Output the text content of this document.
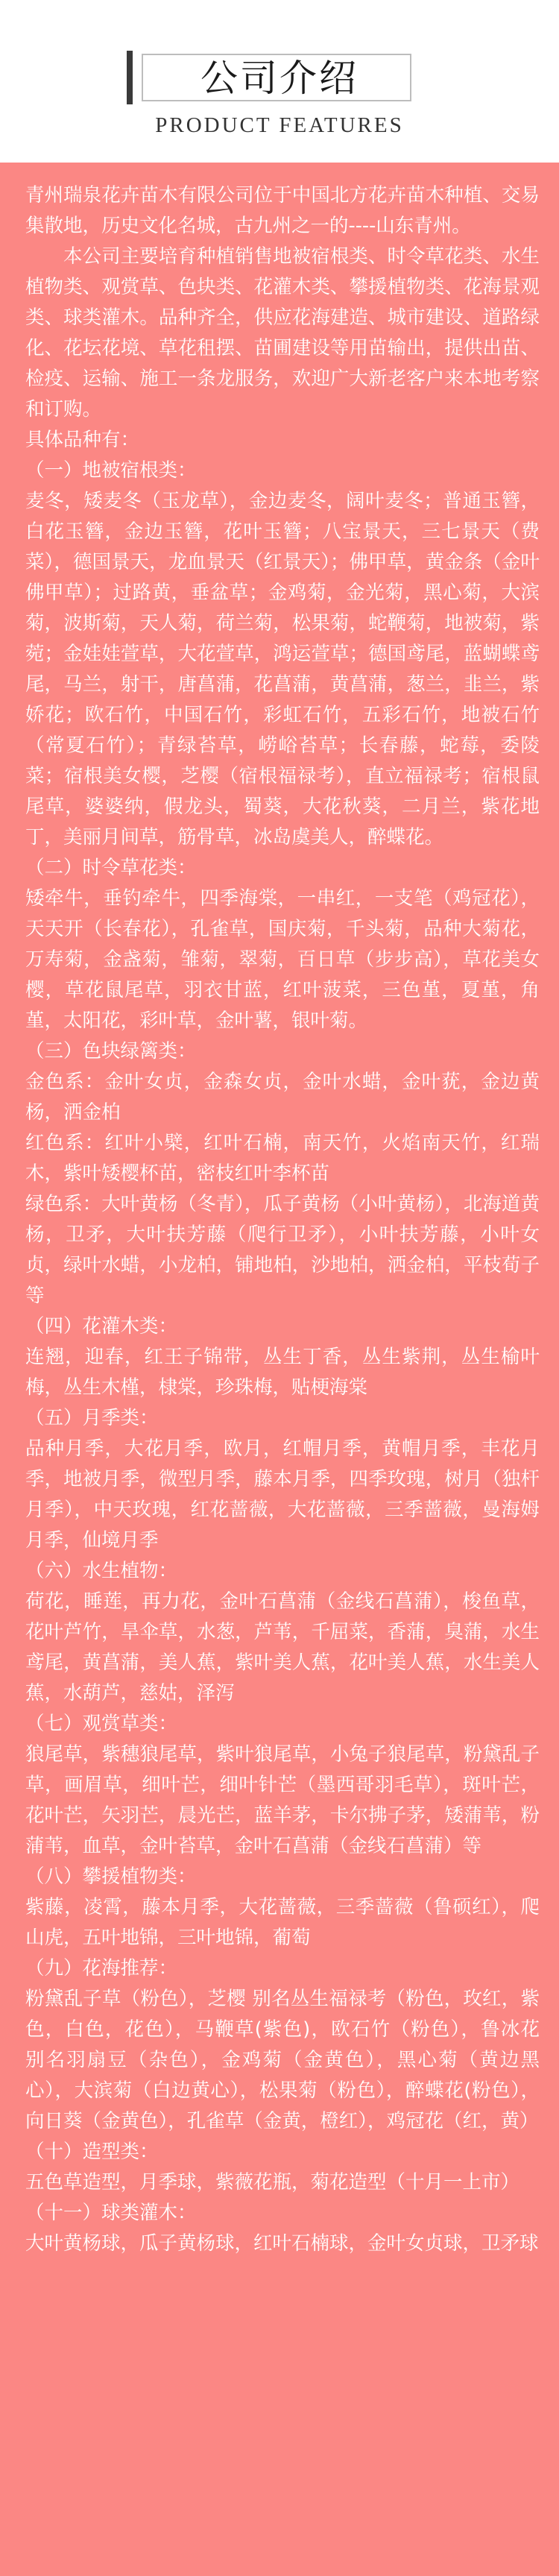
公司介绍
PRODUCT FEATURES

青州瑞泉花卉苗木有限公司位于中国北方花卉苗木种植、交易集散地，历史文化名城，古九州之一的----山东青州。

本公司主要培育种植销售地被宿根类、时令草花类、水生植物类、观赏草、色块类、花灌木类、攀援植物类、花海景观类、球类灌木。品种齐全，供应花海建造、城市建设、道路绿化、花坛花境、草花租摆、苗圃建设等用苗输出，提供出苗、检疫、运输、施工一条龙服务，欢迎广大新老客户来本地考察和订购。

具体品种有：

（一）地被宿根类：

麦冬，矮麦冬（玉龙草），金边麦冬，阔叶麦冬；普通玉簪，白花玉簪，金边玉簪，花叶玉簪；八宝景天，三七景天（费菜），德国景天，龙血景天（红景天）；佛甲草，黄金条（金叶佛甲草）；过路黄，垂盆草；金鸡菊，金光菊，黑心菊，大滨菊，波斯菊，天人菊，荷兰菊，松果菊，蛇鞭菊，地被菊，紫菀；金娃娃萱草，大花萱草，鸿运萱草；德国鸢尾，蓝蝴蝶鸢尾，马兰，射干，唐菖蒲，花菖蒲，黄菖蒲，葱兰，韭兰，紫娇花；欧石竹，中国石竹，彩虹石竹，五彩石竹，地被石竹（常夏石竹）；青绿苔草，崂峪苔草；长春藤，蛇莓，委陵菜；宿根美女樱，芝樱（宿根福禄考），直立福禄考；宿根鼠尾草，婆婆纳，假龙头，蜀葵，大花秋葵，二月兰，紫花地丁，美丽月间草，筋骨草，冰岛虞美人，醉蝶花。

（二）时令草花类：

矮牵牛，垂钓牵牛，四季海棠，一串红，一支笔（鸡冠花），天天开（长春花），孔雀草，国庆菊，千头菊，品种大菊花，万寿菊，金盏菊，雏菊，翠菊，百日草（步步高），草花美女樱，草花鼠尾草，羽衣甘蓝，红叶菠菜，三色堇，夏堇，角堇，太阳花，彩叶草，金叶薯，银叶菊。

（三）色块绿篱类：

金色系：金叶女贞，金森女贞，金叶水蜡，金叶莸，金边黄杨，洒金柏

红色系：红叶小檗，红叶石楠，南天竹，火焰南天竹，红瑞木，紫叶矮樱杯苗，密枝红叶李杯苗

绿色系：大叶黄杨（冬青），瓜子黄杨（小叶黄杨），北海道黄杨，卫矛，大叶扶芳藤（爬行卫矛），小叶扶芳藤，小叶女贞，绿叶水蜡，小龙柏，铺地柏，沙地柏，洒金柏，平枝荀子等

（四）花灌木类：

连翘，迎春，红王子锦带，丛生丁香，丛生紫荆，丛生榆叶梅，丛生木槿，棣棠，珍珠梅，贴梗海棠

（五）月季类：

品种月季，大花月季，欧月，红帽月季，黄帽月季，丰花月季，地被月季，微型月季，藤本月季，四季玫瑰，树月（独杆月季），中天玫瑰，红花蔷薇，大花蔷薇，三季蔷薇，曼海姆月季，仙境月季

（六）水生植物：

荷花，睡莲，再力花，金叶石菖蒲（金线石菖蒲），梭鱼草，花叶芦竹，旱伞草，水葱，芦苇，千屈菜，香蒲，臭蒲，水生鸢尾，黄菖蒲，美人蕉，紫叶美人蕉，花叶美人蕉，水生美人蕉，水葫芦，慈姑，泽泻

（七）观赏草类：

狼尾草，紫穗狼尾草，紫叶狼尾草，小兔子狼尾草，粉黛乱子草，画眉草，细叶芒，细叶针芒（墨西哥羽毛草），斑叶芒，花叶芒，矢羽芒，晨光芒，蓝羊茅，卡尔拂子茅，矮蒲苇，粉蒲苇，血草，金叶苔草，金叶石菖蒲（金线石菖蒲）等

（八）攀援植物类：

紫藤，凌霄，藤本月季，大花蔷薇，三季蔷薇（鲁硕红），爬山虎，五叶地锦，三叶地锦，葡萄

（九）花海推荐：

粉黛乱子草（粉色），芝樱 别名丛生福禄考（粉色，玫红，紫色，白色，花色），马鞭草(紫色)，欧石竹（粉色），鲁冰花 别名羽扇豆（杂色），金鸡菊（金黄色），黑心菊（黄边黑心），大滨菊（白边黄心），松果菊（粉色），醉蝶花(粉色），向日葵（金黄色），孔雀草（金黄，橙红），鸡冠花（红，黄）

（十）造型类：

五色草造型，月季球，紫薇花瓶，菊花造型（十月一上市）

（十一）球类灌木：

大叶黄杨球，瓜子黄杨球，红叶石楠球，金叶女贞球，卫矛球
